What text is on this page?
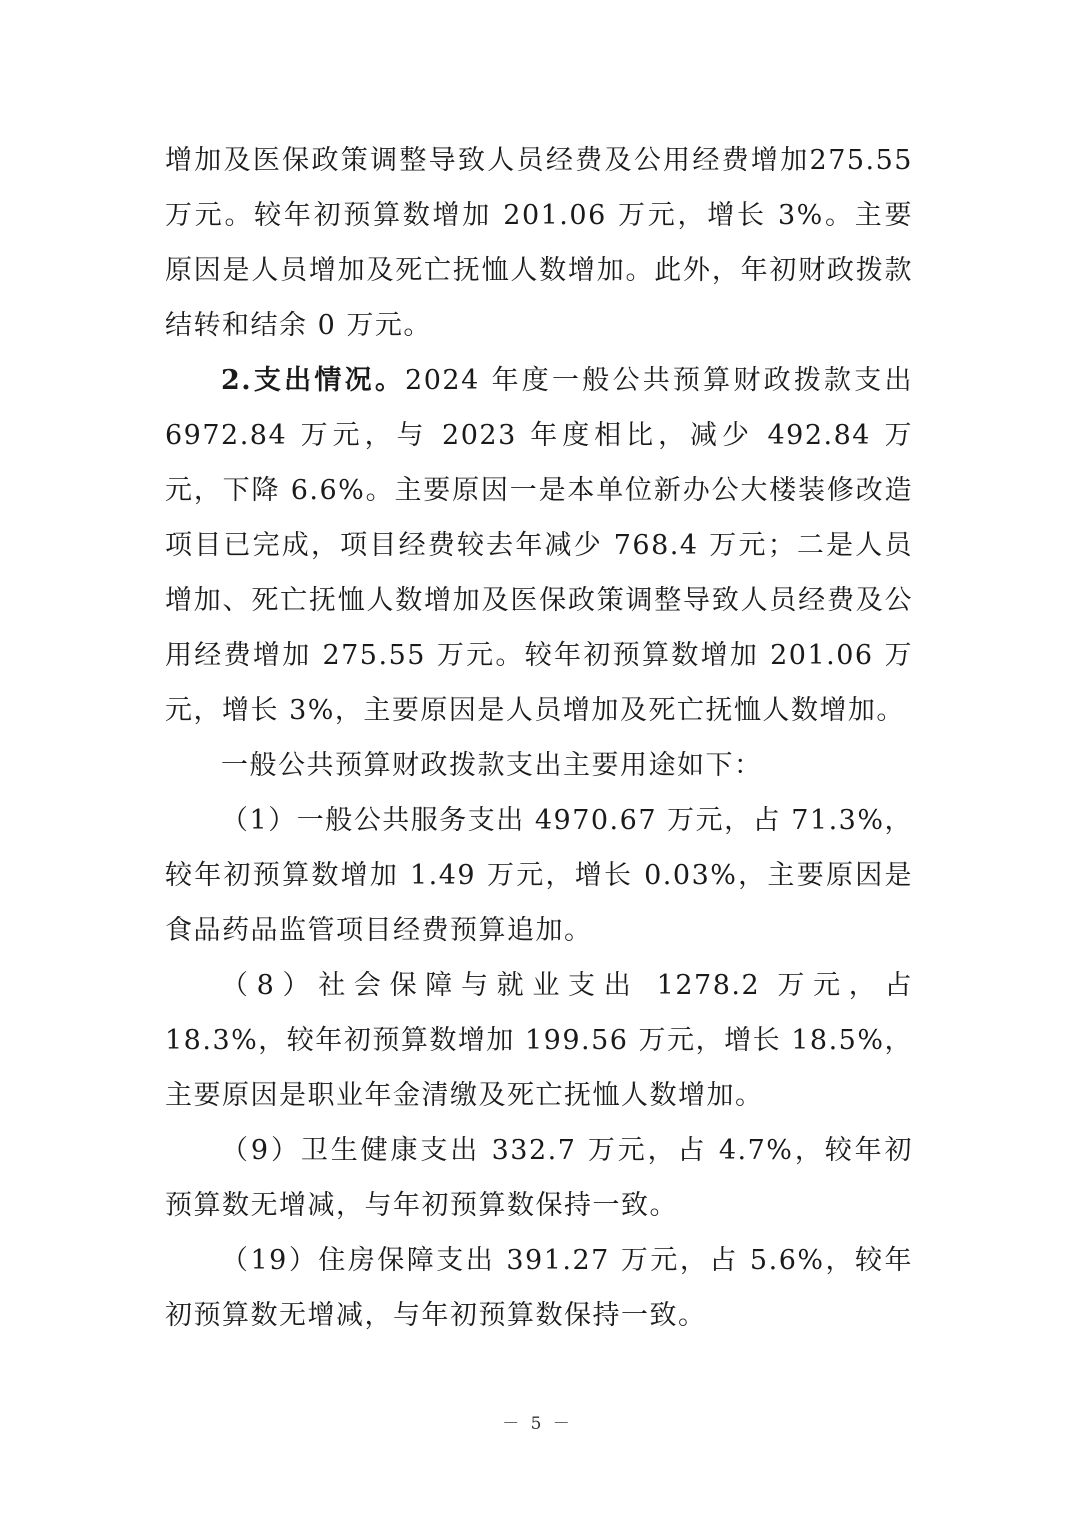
增加及医保政策调整导致人员经费及公用经费增加275.55万元。较年初预算数增加 201.06 万元，增长 3%。主要原因是人员增加及死亡抚恤人数增加。此外，年初财政拨款结转和结余 0 万元。

2.支出情况。2024 年度一般公共预算财政拨款支出 6972.84 万元，与 2023 年度相比，减少 492.84 万元，下降 6.6%。主要原因一是本单位新办公大楼装修改造项目已完成，项目经费较去年减少 768.4 万元；二是人员增加、死亡抚恤人数增加及医保政策调整导致人员经费及公用经费增加 275.55 万元。较年初预算数增加 201.06 万元，增长 3%，主要原因是人员增加及死亡抚恤人数增加。

一般公共预算财政拨款支出主要用途如下：

（1）一般公共服务支出 4970.67 万元，占 71.3%，较年初预算数增加 1.49 万元，增长 0.03%，主要原因是食品药品监管项目经费预算追加。

（8）社会保障与就业支出 1278.2 万元，占 18.3%，较年初预算数增加 199.56 万元，增长 18.5%，主要原因是职业年金清缴及死亡抚恤人数增加。

（9）卫生健康支出 332.7 万元，占 4.7%，较年初预算数无增减，与年初预算数保持一致。

（19）住房保障支出 391.27 万元，占 5.6%，较年初预算数无增减，与年初预算数保持一致。

－ 5 －
